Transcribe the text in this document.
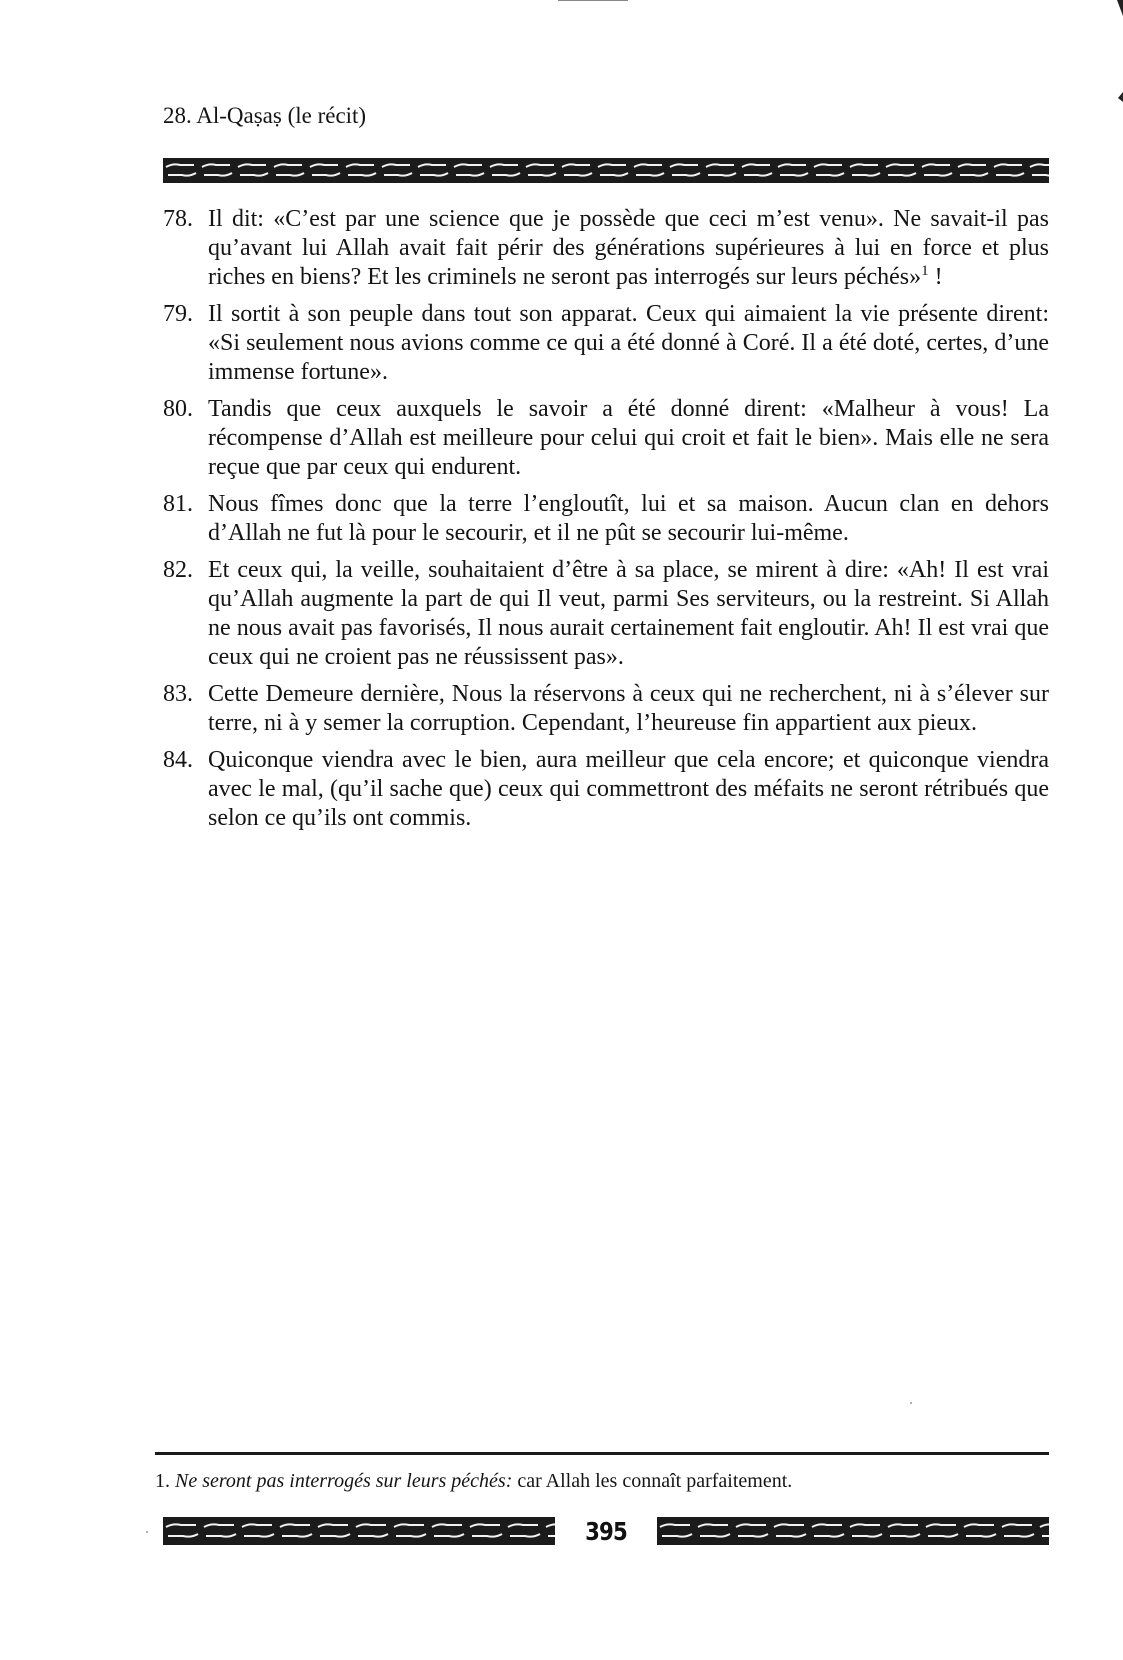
28. Al-Qaṣaṣ (le récit)
78. Il dit: «C’est par une science que je possède que ceci m’est venu». Ne savait-il pas qu’avant lui Allah avait fait périr des générations supérieures à lui en force et plus riches en biens? Et les criminels ne seront pas interrogés sur leurs péchés»$^1$ !
79. Il sortit à son peuple dans tout son apparat. Ceux qui aimaient la vie présente dirent: «Si seulement nous avions comme ce qui a été donné à Coré. Il a été doté, certes, d’une immense fortune».
80. Tandis que ceux auxquels le savoir a été donné dirent: «Malheur à vous! La récompense d’Allah est meilleure pour celui qui croit et fait le bien». Mais elle ne sera reçue que par ceux qui endurent.
81. Nous fîmes donc que la terre l’engloutît, lui et sa maison. Aucun clan en dehors d’Allah ne fut là pour le secourir, et il ne pût se secourir lui-même.
82. Et ceux qui, la veille, souhaitaient d’être à sa place, se mirent à dire: «Ah! Il est vrai qu’Allah augmente la part de qui Il veut, parmi Ses serviteurs, ou la restreint. Si Allah ne nous avait pas favorisés, Il nous aurait certainement fait engloutir. Ah! Il est vrai que ceux qui ne croient pas ne réussissent pas».
83. Cette Demeure dernière, Nous la réservons à ceux qui ne recherchent, ni à s’élever sur terre, ni à y semer la corruption. Cependant, l’heureuse fin appartient aux pieux.
84. Quiconque viendra avec le bien, aura meilleur que cela encore; et quiconque viendra avec le mal, (qu’il sache que) ceux qui commettront des méfaits ne seront rétribués que selon ce qu’ils ont commis.
1. Ne seront pas interrogés sur leurs péchés: car Allah les connaît parfaitement.
395
